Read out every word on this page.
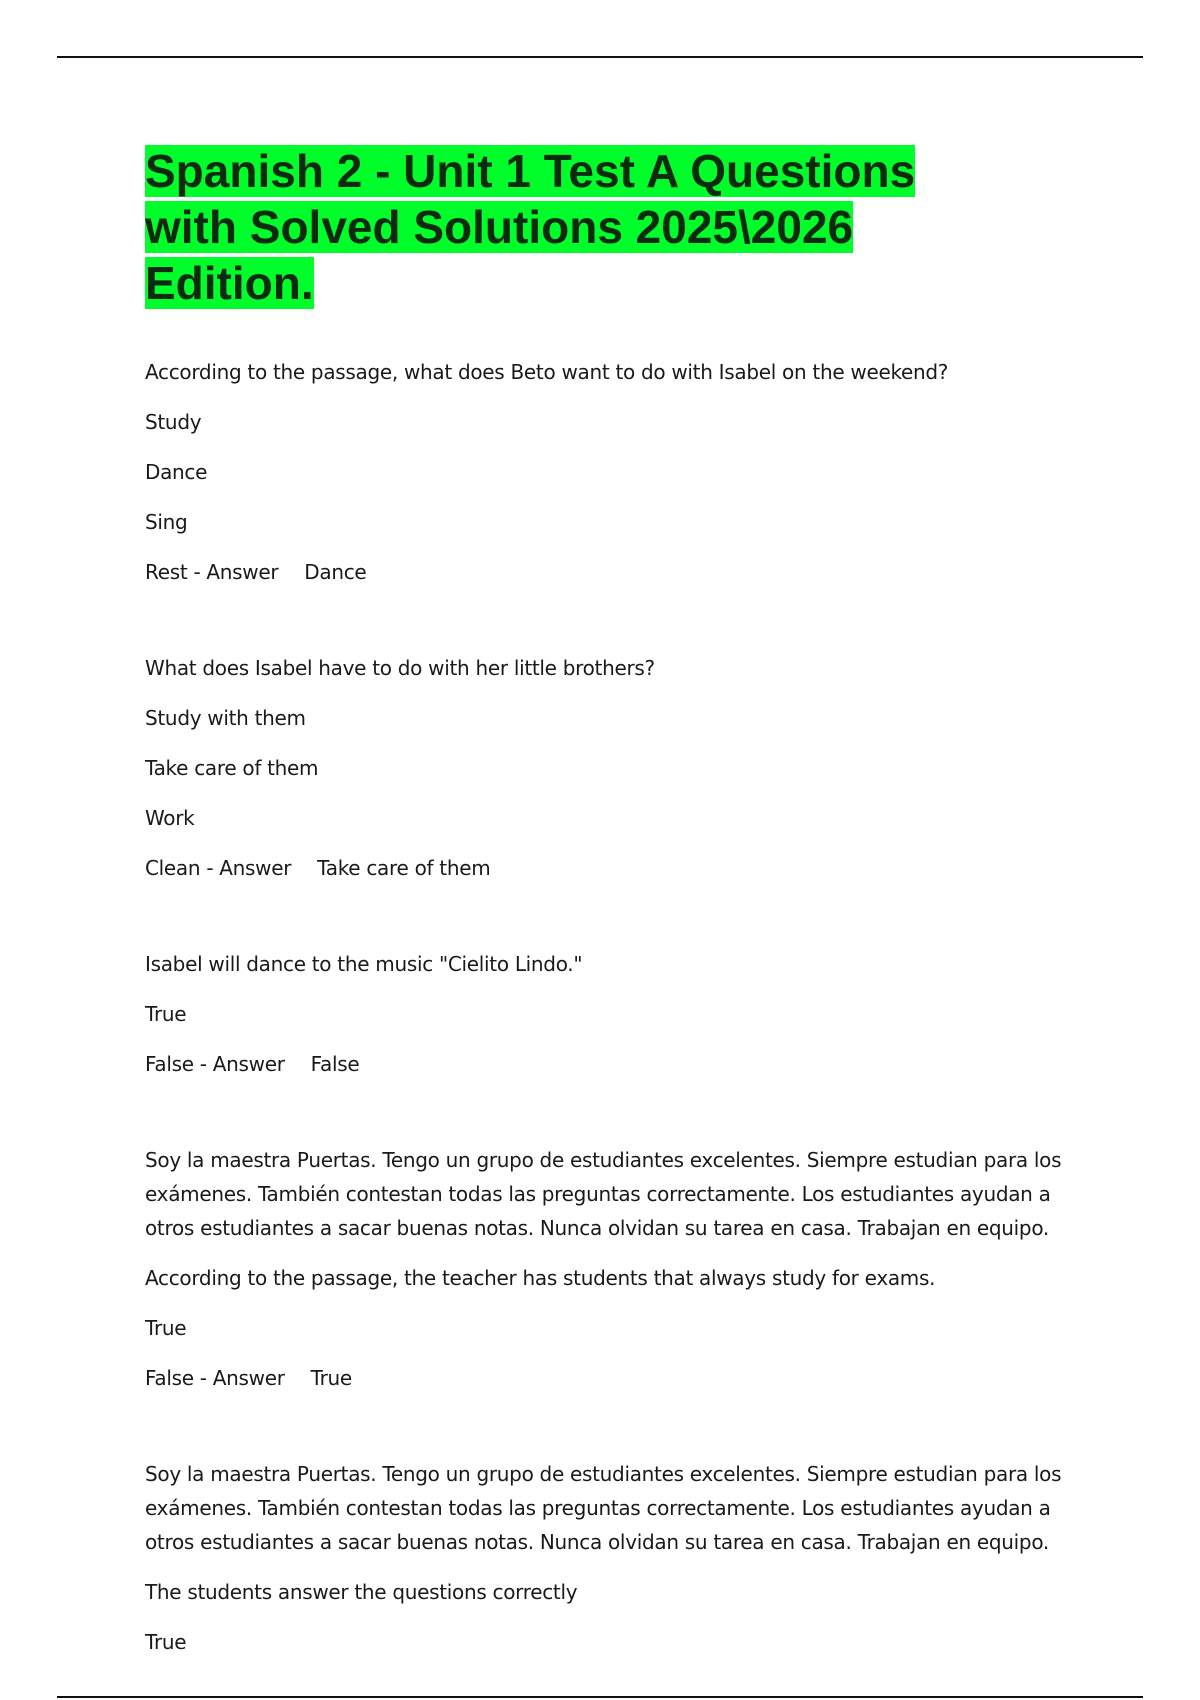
Spanish 2 - Unit 1 Test A Questions with Solved Solutions 2025\2026 Edition.

According to the passage, what does Beto want to do with Isabel on the weekend?

Study

Dance

Sing

Rest - Answer Dance

What does Isabel have to do with her little brothers?

Study with them

Take care of them

Work

Clean - Answer Take care of them

Isabel will dance to the music "Cielito Lindo."

True

False - Answer False

Soy la maestra Puertas. Tengo un grupo de estudiantes excelentes. Siempre estudian para los exámenes. También contestan todas las preguntas correctamente. Los estudiantes ayudan a otros estudiantes a sacar buenas notas. Nunca olvidan su tarea en casa. Trabajan en equipo.

According to the passage, the teacher has students that always study for exams.

True

False - Answer True

Soy la maestra Puertas. Tengo un grupo de estudiantes excelentes. Siempre estudian para los exámenes. También contestan todas las preguntas correctamente. Los estudiantes ayudan a otros estudiantes a sacar buenas notas. Nunca olvidan su tarea en casa. Trabajan en equipo.

The students answer the questions correctly

True
